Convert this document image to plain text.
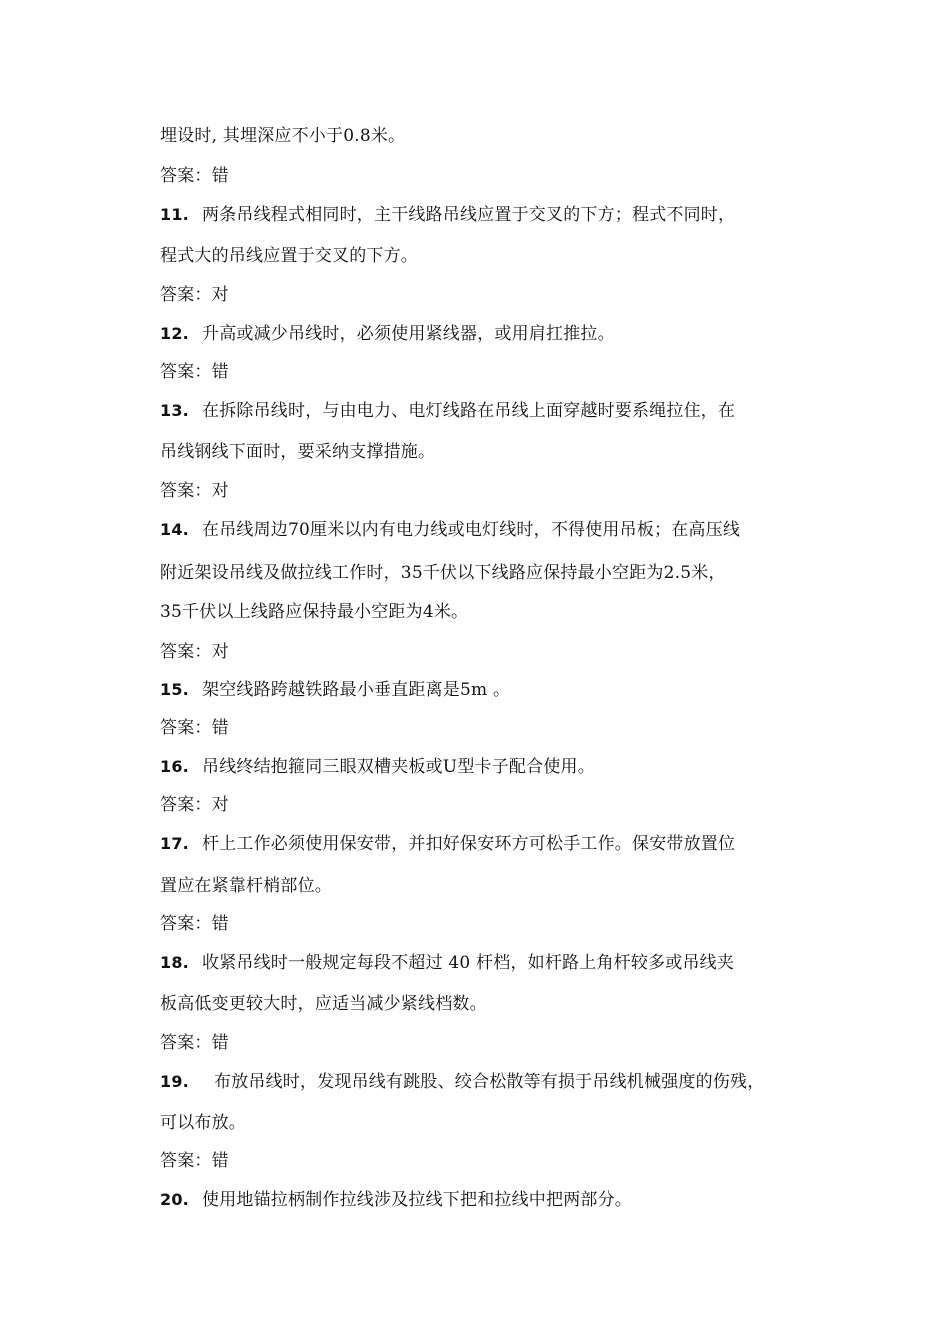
埋设时, 其埋深应不小于0.8米。
答案：错
11. 两条吊线程式相同时，主干线路吊线应置于交叉的下方；程式不同时，
程式大的吊线应置于交叉的下方。
答案：对
12. 升高或减少吊线时，必须使用紧线器，或用肩扛推拉。
答案：错
13. 在拆除吊线时，与由电力、电灯线路在吊线上面穿越时要系绳拉住，在
吊线钢线下面时，要采纳支撑措施。
答案：对
14. 在吊线周边70厘米以内有电力线或电灯线时，不得使用吊板；在高压线
附近架设吊线及做拉线工作时，35千伏以下线路应保持最小空距为2.5米，
35千伏以上线路应保持最小空距为4米。
答案：对
15. 架空线路跨越铁路最小垂直距离是5m 。
答案：错
16. 吊线终结抱箍同三眼双槽夹板或U型卡子配合使用。
答案：对
17. 杆上工作必须使用保安带，并扣好保安环方可松手工作。保安带放置位
置应在紧靠杆梢部位。
答案：错
18. 收紧吊线时一般规定每段不超过 40 杆档，如杆路上角杆较多或吊线夹
板高低变更较大时，应适当减少紧线档数。
答案：错
19. 布放吊线时，发现吊线有跳股、绞合松散等有损于吊线机械强度的伤残，
可以布放。
答案：错
20. 使用地锚拉柄制作拉线涉及拉线下把和拉线中把两部分。
